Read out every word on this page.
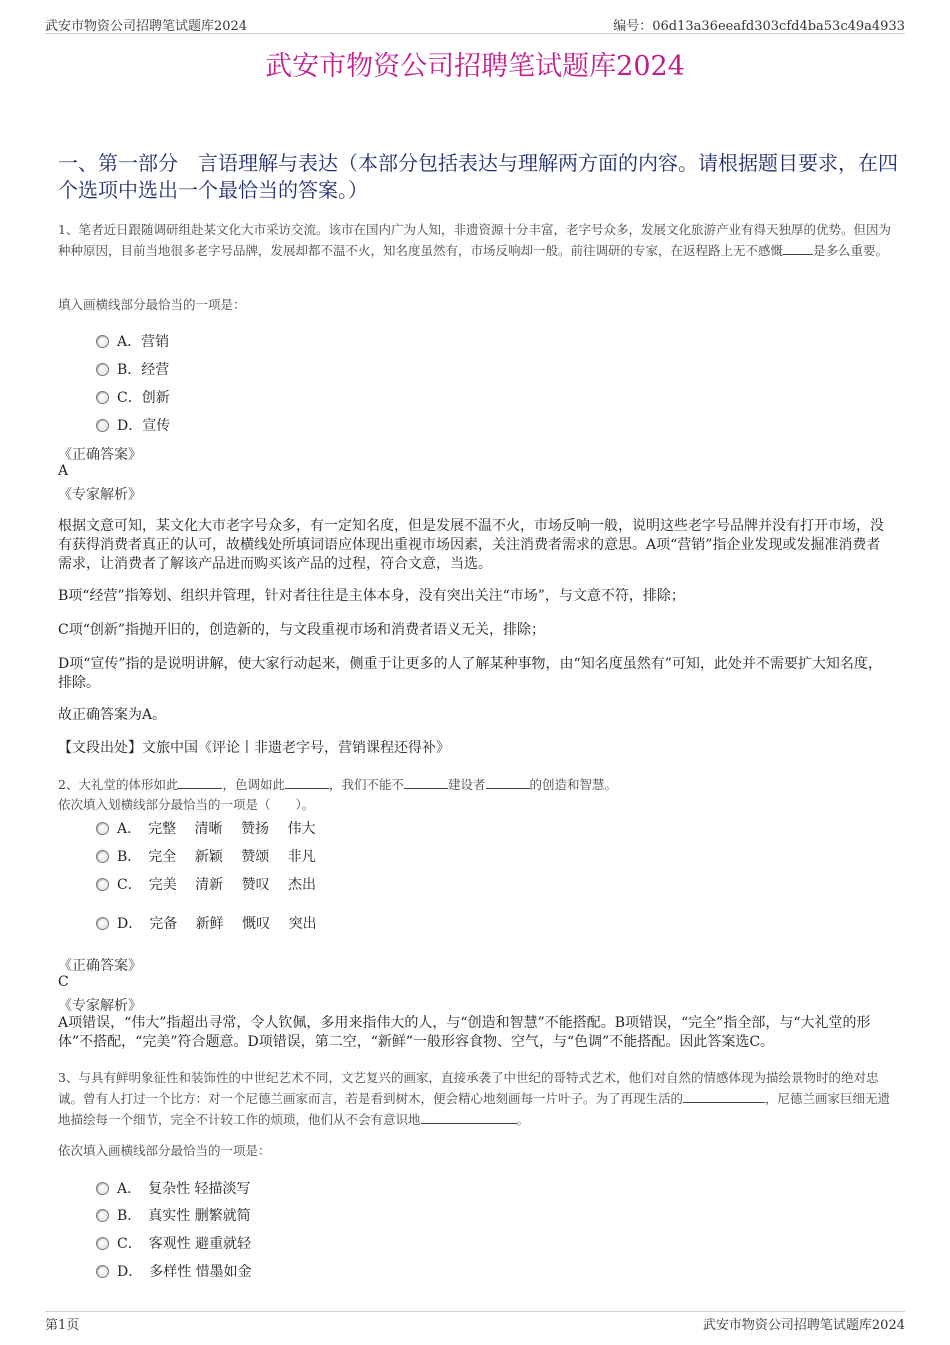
武安市物资公司招聘笔试题库2024	编号：06d13a36eeafd303cfd4ba53c49a4933
武安市物资公司招聘笔试题库2024
一、第一部分　言语理解与表达（本部分包括表达与理解两方面的内容。请根据题目要求，在四个选项中选出一个最恰当的答案。）
1、笔者近日跟随调研组赴某文化大市采访交流。该市在国内广为人知，非遗资源十分丰富，老字号众多，发展文化旅游产业有得天独厚的优势。但因为种种原因，目前当地很多老字号品牌，发展却都不温不火，知名度虽然有，市场反响却一般。前往调研的专家，在返程路上无不感慨 是多么重要。
填入画横线部分最恰当的一项是：
A．营销
B．经营
C．创新
D．宣传
《正确答案》
A
《专家解析》
根据文意可知，某文化大市老字号众多，有一定知名度，但是发展不温不火，市场反响一般，说明这些老字号品牌并没有打开市场，没有获得消费者真正的认可，故横线处所填词语应体现出重视市场因素，关注消费者需求的意思。A项“营销”指企业发现或发掘准消费者需求，让消费者了解该产品进而购买该产品的过程，符合文意，当选。
B项“经营”指筹划、组织并管理，针对者往往是主体本身，没有突出关注“市场”，与文意不符，排除；
C项“创新”指抛开旧的，创造新的，与文段重视市场和消费者语义无关，排除；
D项“宣传”指的是说明讲解，使大家行动起来，侧重于让更多的人了解某种事物，由“知名度虽然有”可知，此处并不需要扩大知名度，排除。
故正确答案为A。
【文段出处】文旅中国《评论丨非遗老字号，营销课程还得补》
2、大礼堂的体形如此	，色调如此	，我们不能不	建设者	的创造和智慧。
依次填入划横线部分最恰当的一项是（　　）。
A．　完整　 清晰　 赞扬　 伟大
B．　完全　 新颖　 赞颂　 非凡
C．　完美　 清新　 赞叹　 杰出
D．　完备　 新鲜　 慨叹　 突出
《正确答案》
C
《专家解析》
A项错误，“伟大”指超出寻常，令人钦佩，多用来指伟大的人，与“创造和智慧”不能搭配。B项错误，“完全”指全部，与“大礼堂的形体”不搭配，“完美”符合题意。D项错误，第二空，“新鲜”一般形容食物、空气，与“色调”不能搭配。因此答案选C。
3、与具有鲜明象征性和装饰性的中世纪艺术不同，文艺复兴的画家，直接承袭了中世纪的哥特式艺术，他们对自然的情感体现为描绘景物时的绝对忠诚。曾有人打过一个比方：对一个尼德兰画家而言，若是看到树木，便会精心地刻画每一片叶子。为了再现生活的	，尼德兰画家巨细无遗地描绘每一个细节，完全不计较工作的烦琐，他们从不会有意识地	。
依次填入画横线部分最恰当的一项是：
A．　复杂性 轻描淡写
B．　真实性 删繁就简
C．　客观性 避重就轻
D．　多样性 惜墨如金
第1页	武安市物资公司招聘笔试题库2024
